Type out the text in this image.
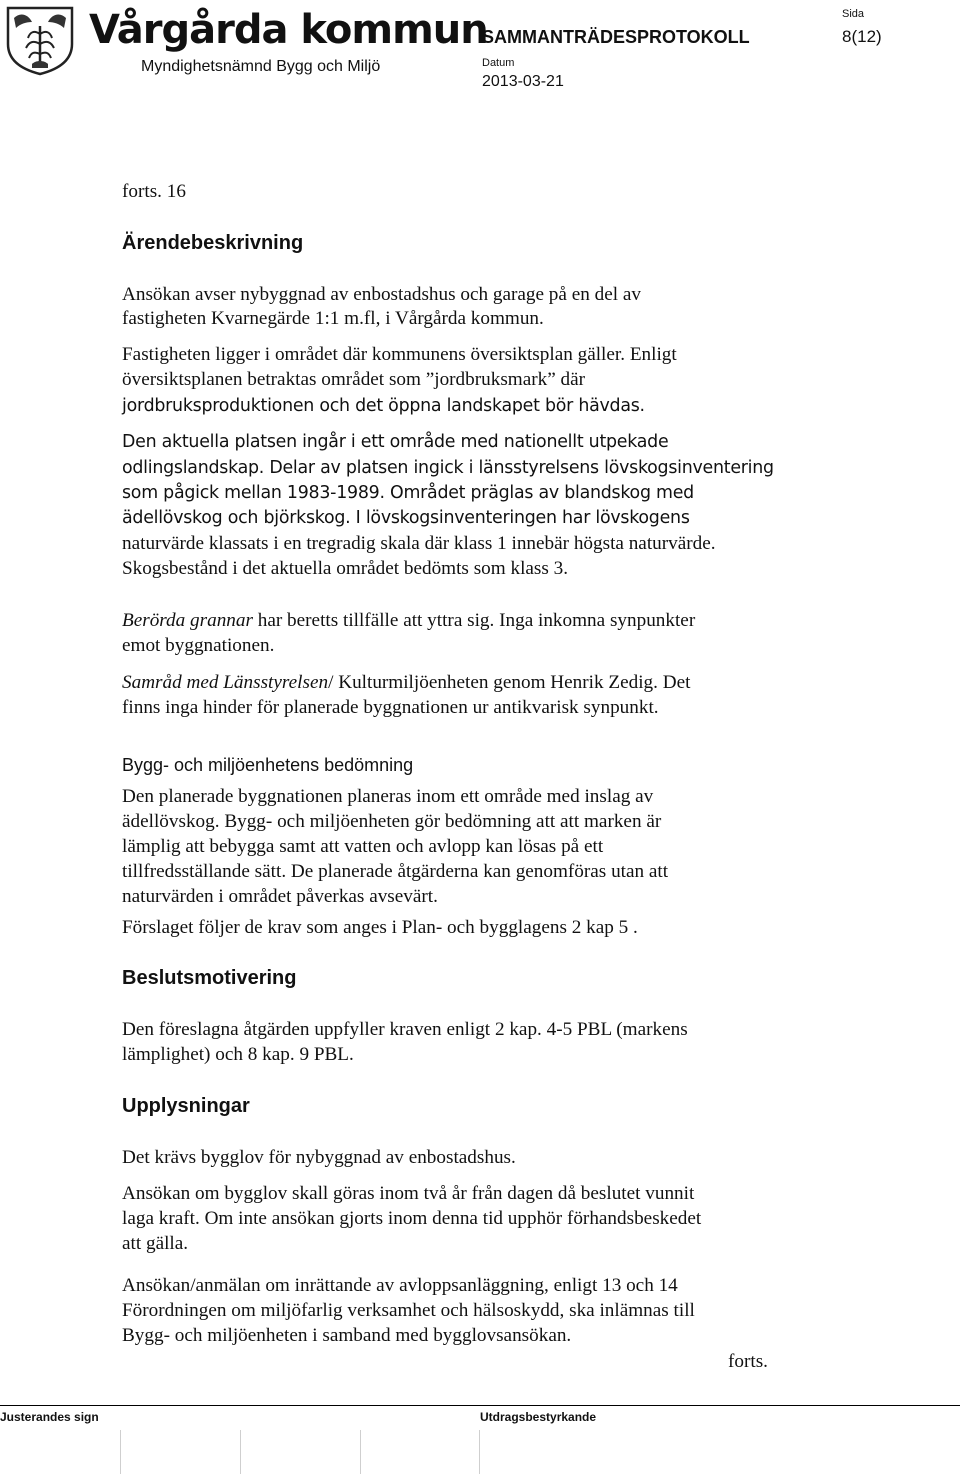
Vårgårda kommun
Myndighetsnämnd Bygg och Miljö
SAMMANTRÄDESPROTOKOLL
Datum
2013-03-21
Sida
8(12)
forts. 16
Ärendebeskrivning
Ansökan avser nybyggnad av enbostadshus och garage på en del av
fastigheten Kvarnegärde 1:1 m.fl, i Vårgårda kommun.
Fastigheten ligger i området där kommunens översiktsplan gäller. Enligt
översiktsplanen betraktas området som ”jordbruksmark” där
jordbruksproduktionen och det öppna landskapet bör hävdas.
Den aktuella platsen ingår i ett område med nationellt utpekade
odlingslandskap. Delar av platsen ingick i länsstyrelsens lövskogsinventering
som pågick mellan 1983-1989. Området präglas av blandskog med
ädellövskog och björkskog. I lövskogsinventeringen har lövskogens
naturvärde klassats i en tregradig skala där klass 1 innebär högsta naturvärde.
Skogsbestånd i det aktuella området bedömts som klass 3.
Berörda grannar har beretts tillfälle att yttra sig. Inga inkomna synpunkter
emot byggnationen.
Samråd med Länsstyrelsen/ Kulturmiljöenheten genom Henrik Zedig. Det
finns inga hinder för planerade byggnationen ur antikvarisk synpunkt.
Bygg- och miljöenhetens bedömning
Den planerade byggnationen planeras inom ett område med inslag av
ädellövskog. Bygg- och miljöenheten gör bedömning att att marken är
lämplig att bebygga samt att vatten och avlopp kan lösas på ett
tillfredsställande sätt. De planerade åtgärderna kan genomföras utan att
naturvärden i området påverkas avsevärt.
Förslaget följer de krav som anges i Plan- och bygglagens 2 kap 5 .
Beslutsmotivering
Den föreslagna åtgärden uppfyller kraven enligt 2 kap. 4-5 PBL (markens
lämplighet) och 8 kap. 9 PBL.
Upplysningar
Det krävs bygglov för nybyggnad av enbostadshus.
Ansökan om bygglov skall göras inom två år från dagen då beslutet vunnit
laga kraft. Om inte ansökan gjorts inom denna tid upphör förhandsbeskedet
att gälla.
Ansökan/anmälan om inrättande av avloppsanläggning, enligt 13 och 14
Förordningen om miljöfarlig verksamhet och hälsoskydd, ska inlämnas till
Bygg- och miljöenheten i samband med bygglovsansökan.
forts.
Justerandes sign	Utdragsbestyrkande
